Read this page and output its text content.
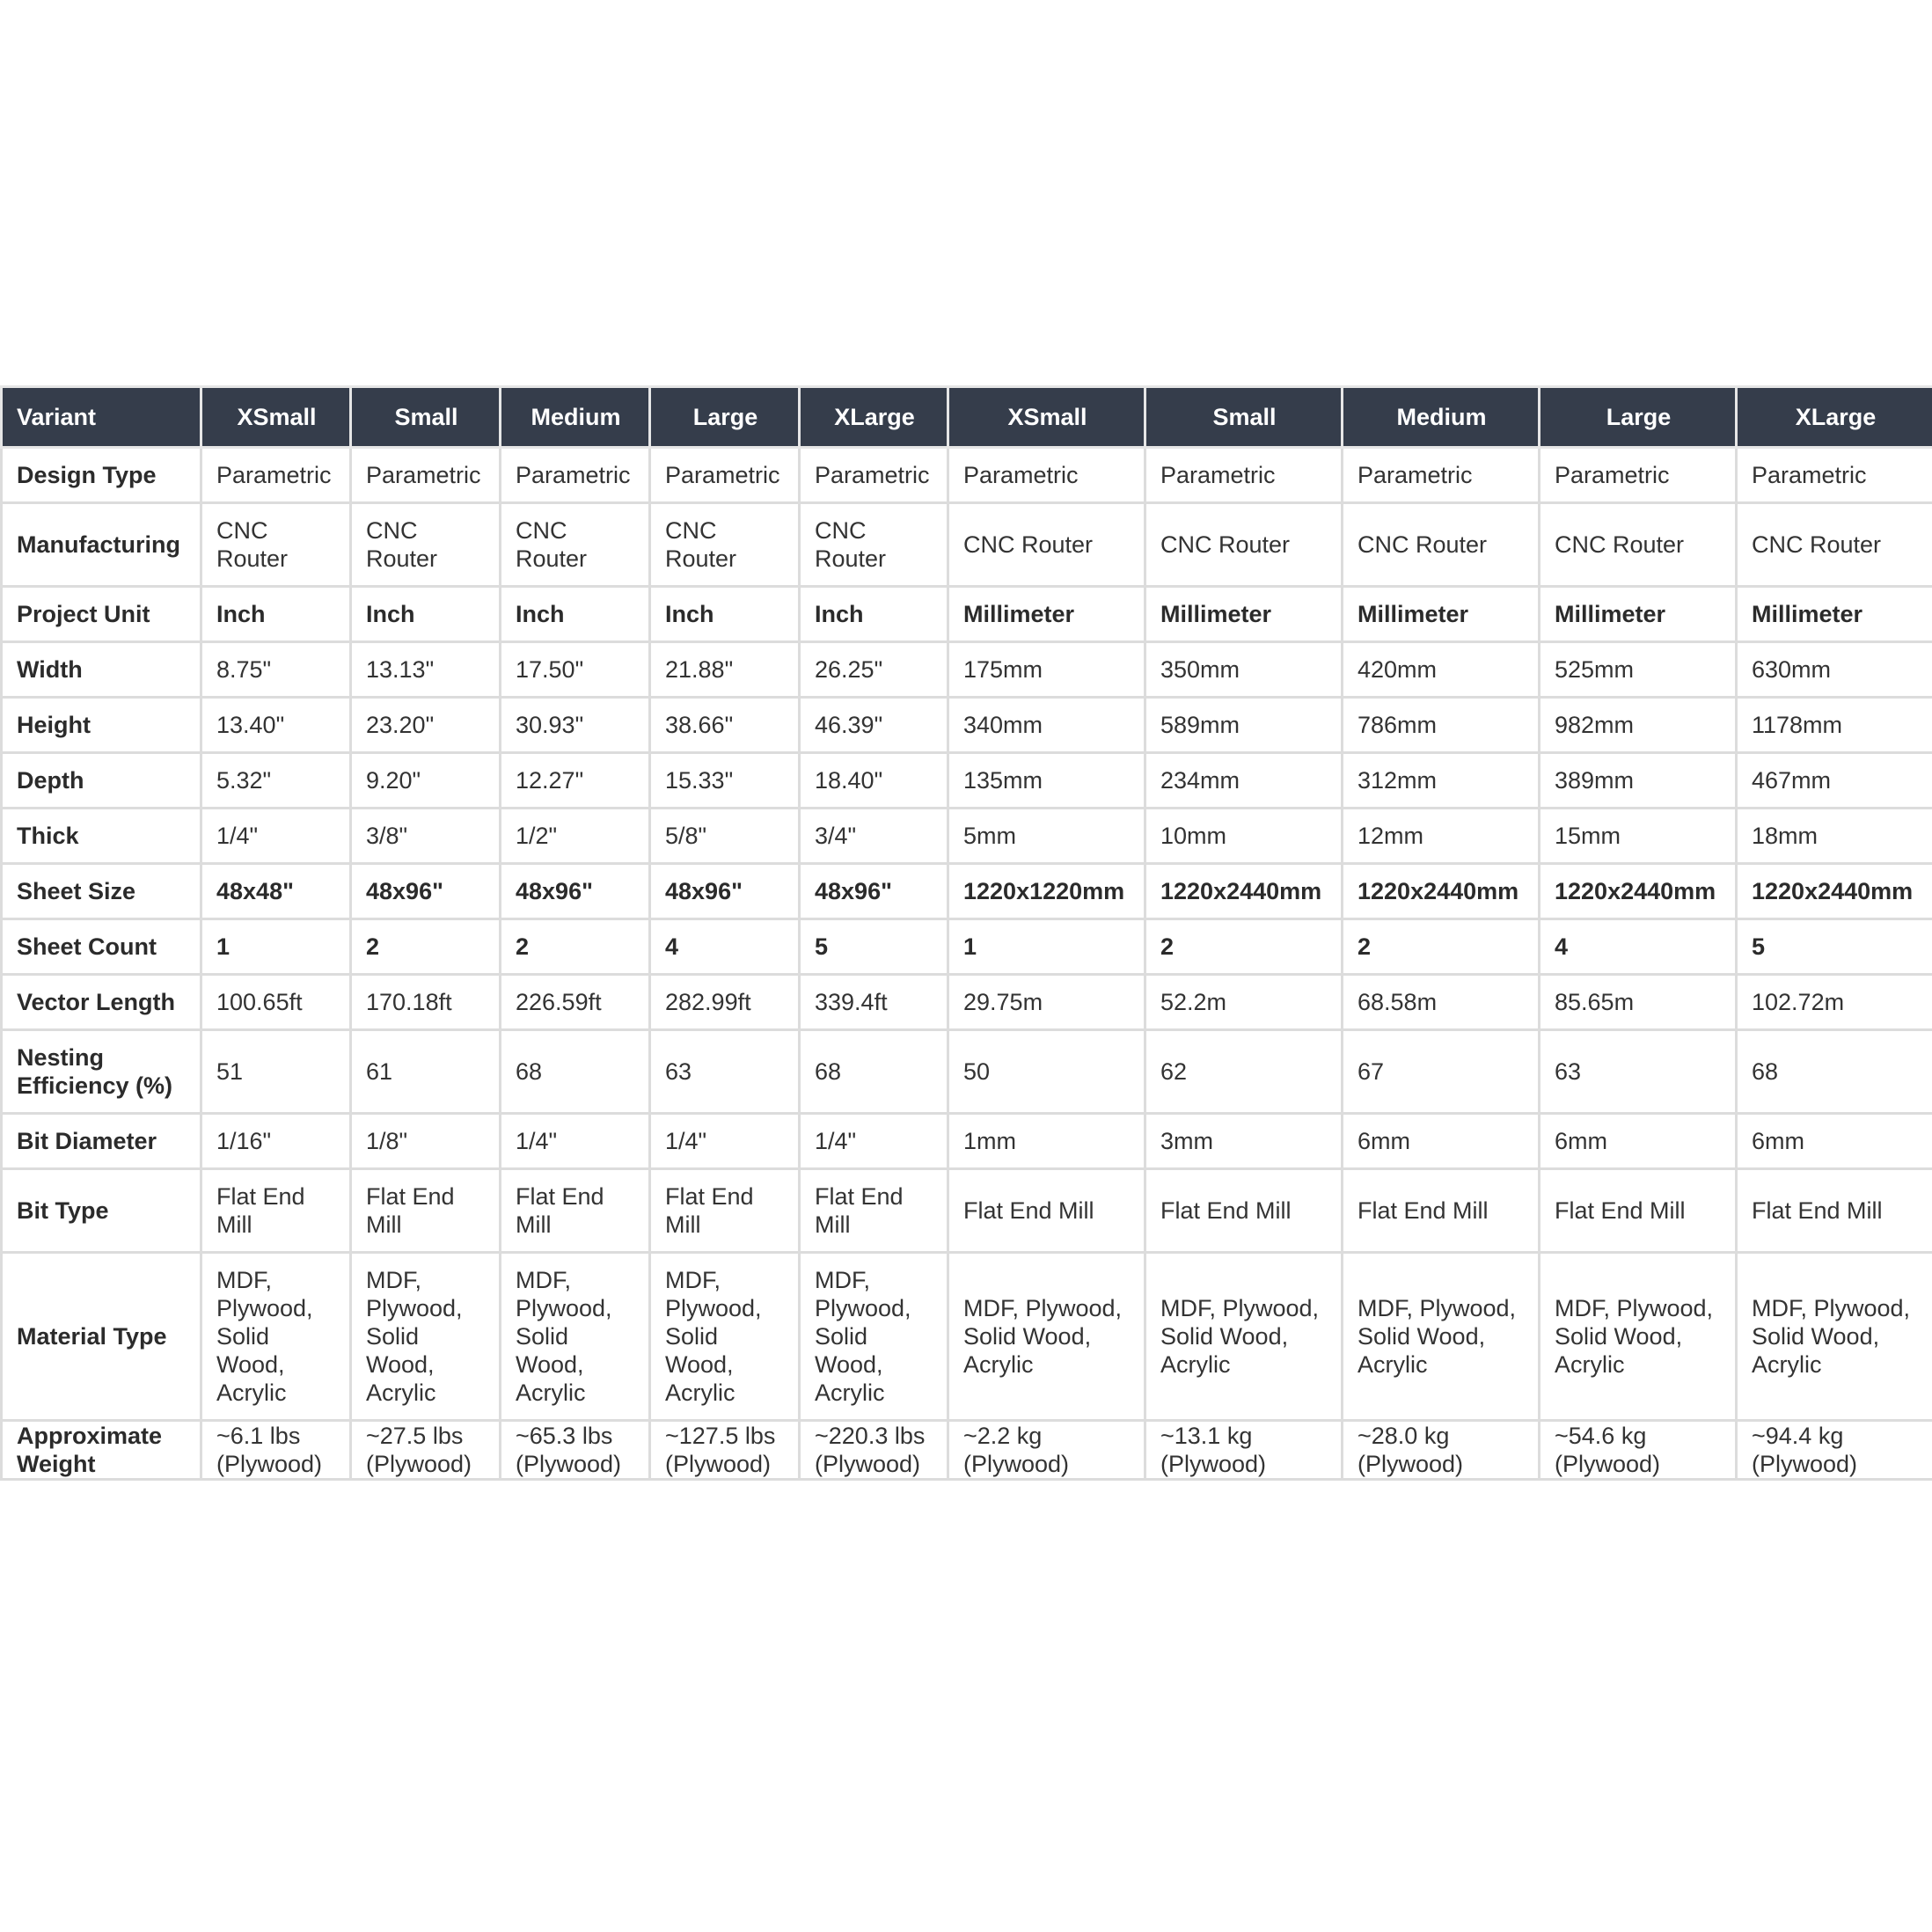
Variant	XSmall	Small	Medium	Large	XLarge	XSmall	Small	Medium	Large	XLarge
Design Type	Parametric	Parametric	Parametric	Parametric	Parametric	Parametric	Parametric	Parametric	Parametric	Parametric
Manufacturing	CNC Router	CNC Router	CNC Router	CNC Router	CNC Router	CNC Router	CNC Router	CNC Router	CNC Router	CNC Router
Project Unit	Inch	Inch	Inch	Inch	Inch	Millimeter	Millimeter	Millimeter	Millimeter	Millimeter
Width	8.75"	13.13"	17.50"	21.88"	26.25"	175mm	350mm	420mm	525mm	630mm
Height	13.40"	23.20"	30.93"	38.66"	46.39"	340mm	589mm	786mm	982mm	1178mm
Depth	5.32"	9.20"	12.27"	15.33"	18.40"	135mm	234mm	312mm	389mm	467mm
Thick	1/4"	3/8"	1/2"	5/8"	3/4"	5mm	10mm	12mm	15mm	18mm
Sheet Size	48x48"	48x96"	48x96"	48x96"	48x96"	1220x1220mm	1220x2440mm	1220x2440mm	1220x2440mm	1220x2440mm
Sheet Count	1	2	2	4	5	1	2	2	4	5
Vector Length	100.65ft	170.18ft	226.59ft	282.99ft	339.4ft	29.75m	52.2m	68.58m	85.65m	102.72m
Nesting Efficiency (%)	51	61	68	63	68	50	62	67	63	68
Bit Diameter	1/16"	1/8"	1/4"	1/4"	1/4"	1mm	3mm	6mm	6mm	6mm
Bit Type	Flat End Mill	Flat End Mill	Flat End Mill	Flat End Mill	Flat End Mill	Flat End Mill	Flat End Mill	Flat End Mill	Flat End Mill	Flat End Mill
Material Type	MDF, Plywood, Solid Wood, Acrylic	MDF, Plywood, Solid Wood, Acrylic	MDF, Plywood, Solid Wood, Acrylic	MDF, Plywood, Solid Wood, Acrylic	MDF, Plywood, Solid Wood, Acrylic	MDF, Plywood, Solid Wood, Acrylic	MDF, Plywood, Solid Wood, Acrylic	MDF, Plywood, Solid Wood, Acrylic	MDF, Plywood, Solid Wood, Acrylic	MDF, Plywood, Solid Wood, Acrylic
Approximate Weight	~6.1 lbs (Plywood)	~27.5 lbs (Plywood)	~65.3 lbs (Plywood)	~127.5 lbs (Plywood)	~220.3 lbs (Plywood)	~2.2 kg (Plywood)	~13.1 kg (Plywood)	~28.0 kg (Plywood)	~54.6 kg (Plywood)	~94.4 kg (Plywood)
